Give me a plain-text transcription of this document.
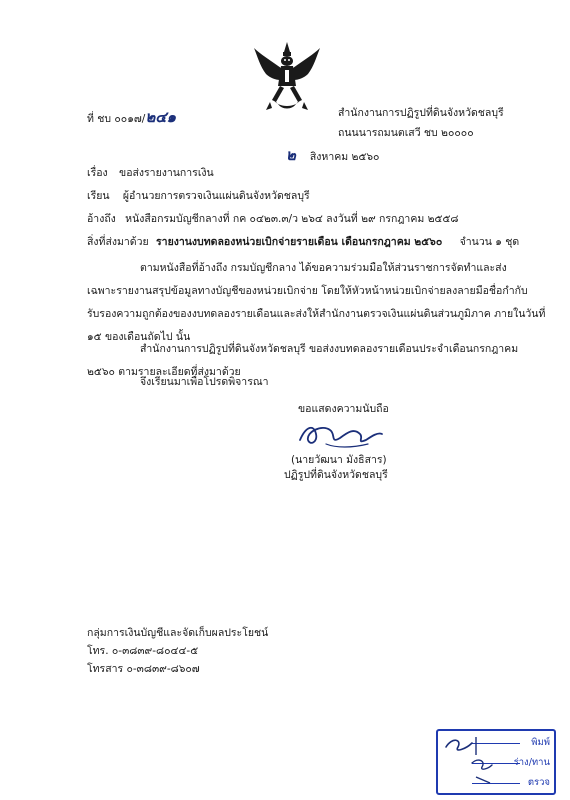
ที่ ชบ ๐๐๑๗/๒๔๑	สำนักงานการปฏิรูปที่ดินจังหวัดชลบุรี
ถนนนารถมนตเสวี ชบ ๒๐๐๐๐
๒ สิงหาคม ๒๕๖๐
เรื่อง ขอส่งรายงานการเงิน
เรียน ผู้อำนวยการตรวจเงินแผ่นดินจังหวัดชลบุรี
อ้างถึง หนังสือกรมบัญชีกลางที่ กค ๐๔๒๓.๓/ว ๒๖๔ ลงวันที่ ๒๙ กรกฎาคม ๒๕๕๘
สิ่งที่ส่งมาด้วย รายงานงบทดลองหน่วยเบิกจ่ายรายเดือน เดือนกรกฎาคม ๒๕๖๐ จำนวน ๑ ชุด
ตามหนังสือที่อ้างถึง กรมบัญชีกลาง ได้ขอความร่วมมือให้ส่วนราชการจัดทำและส่ง
เฉพาะรายงานสรุปข้อมูลทางบัญชีของหน่วยเบิกจ่าย โดยให้หัวหน้าหน่วยเบิกจ่ายลงลายมือชื่อกำกับ
รับรองความถูกต้องของงบทดลองรายเดือนและส่งให้สำนักงานตรวจเงินแผ่นดินส่วนภูมิภาค ภายในวันที่
๑๕ ของเดือนถัดไป นั้น
สำนักงานการปฏิรูปที่ดินจังหวัดชลบุรี ขอส่งงบทดลองรายเดือนประจำเดือนกรกฎาคม
๒๕๖๐ ตามรายละเอียดที่ส่งมาด้วย
จึงเรียนมาเพื่อโปรดพิจารณา
ขอแสดงความนับถือ
(นายวัฒนา มังธิสาร)
ปฏิรูปที่ดินจังหวัดชลบุรี
กลุ่มการเงินบัญชีและจัดเก็บผลประโยชน์
โทร. ๐-๓๘๓๙-๘๐๔๔-๕
โทรสาร ๐-๓๘๓๙-๘๖๐๗
พิมพ์
ร่าง/ทาน
ตรวจ
